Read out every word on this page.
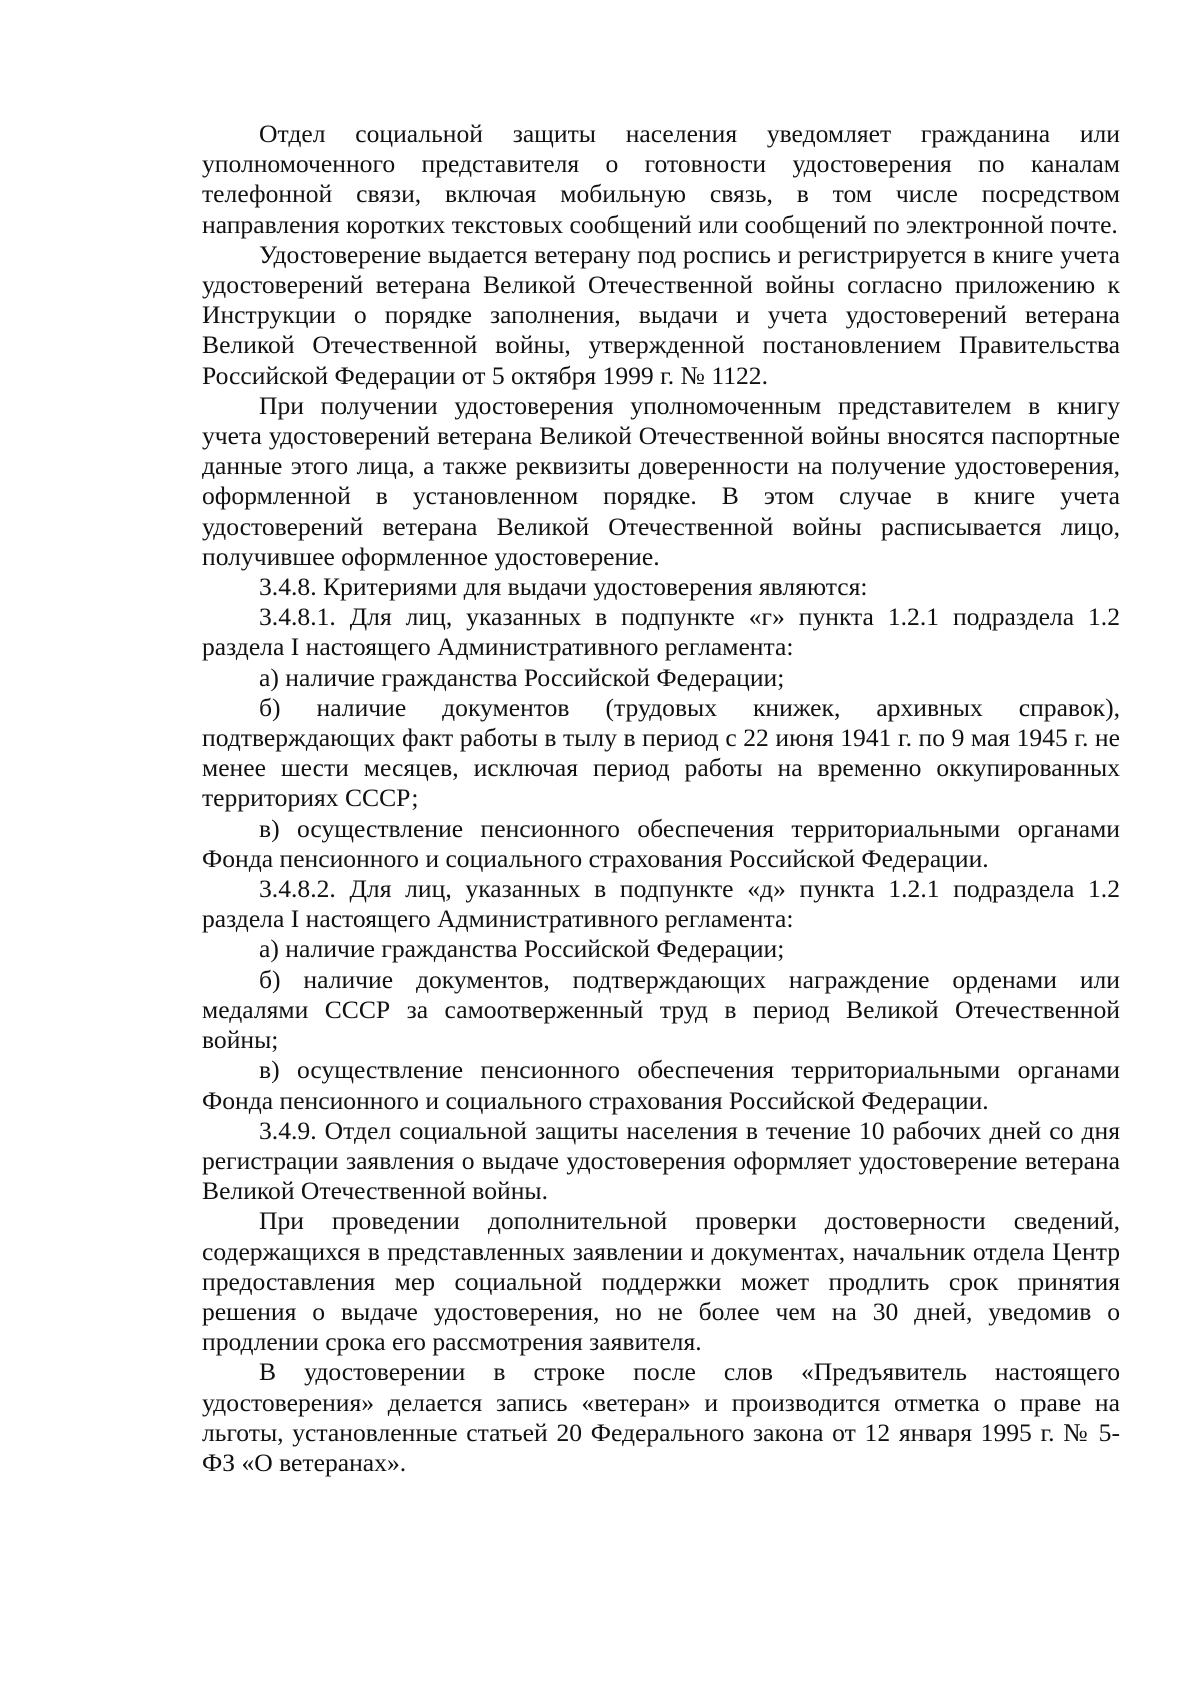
Отдел социальной защиты населения уведомляет гражданина или уполномоченного представителя о готовности удостоверения по каналам телефонной связи, включая мобильную связь, в том числе посредством направления коротких текстовых сообщений или сообщений по электронной почте.

Удостоверение выдается ветерану под роспись и регистрируется в книге учета удостоверений ветерана Великой Отечественной войны согласно приложению к Инструкции о порядке заполнения, выдачи и учета удостоверений ветерана Великой Отечественной войны, утвержденной постановлением Правительства Российской Федерации от 5 октября 1999 г. № 1122.

При получении удостоверения уполномоченным представителем в книгу учета удостоверений ветерана Великой Отечественной войны вносятся паспортные данные этого лица, а также реквизиты доверенности на получение удостоверения, оформленной в установленном порядке. В этом случае в книге учета удостоверений ветерана Великой Отечественной войны расписывается лицо, получившее оформленное удостоверение.

3.4.8. Критериями для выдачи удостоверения являются:

3.4.8.1. Для лиц, указанных в подпункте «г» пункта 1.2.1 подраздела 1.2 раздела I настоящего Административного регламента:

а) наличие гражданства Российской Федерации;

б) наличие документов (трудовых книжек, архивных справок), подтверждающих факт работы в тылу в период с 22 июня 1941 г. по 9 мая 1945 г. не менее шести месяцев, исключая период работы на временно оккупированных территориях СССР;

в) осуществление пенсионного обеспечения территориальными органами Фонда пенсионного и социального страхования Российской Федерации.

3.4.8.2. Для лиц, указанных в подпункте «д» пункта 1.2.1 подраздела 1.2 раздела I настоящего Административного регламента:

а) наличие гражданства Российской Федерации;

б) наличие документов, подтверждающих награждение орденами или медалями СССР за самоотверженный труд в период Великой Отечественной войны;

в) осуществление пенсионного обеспечения территориальными органами Фонда пенсионного и социального страхования Российской Федерации.

3.4.9. Отдел социальной защиты населения в течение 10 рабочих дней со дня регистрации заявления о выдаче удостоверения оформляет удостоверение ветерана Великой Отечественной войны.

При проведении дополнительной проверки достоверности сведений, содержащихся в представленных заявлении и документах, начальник отдела Центр предоставления мер социальной поддержки может продлить срок принятия решения о выдаче удостоверения, но не более чем на 30 дней, уведомив о продлении срока его рассмотрения заявителя.

В удостоверении в строке после слов «Предъявитель настоящего удостоверения» делается запись «ветеран» и производится отметка о праве на льготы, установленные статьей 20 Федерального закона от 12 января 1995 г. № 5-ФЗ «О ветеранах».
